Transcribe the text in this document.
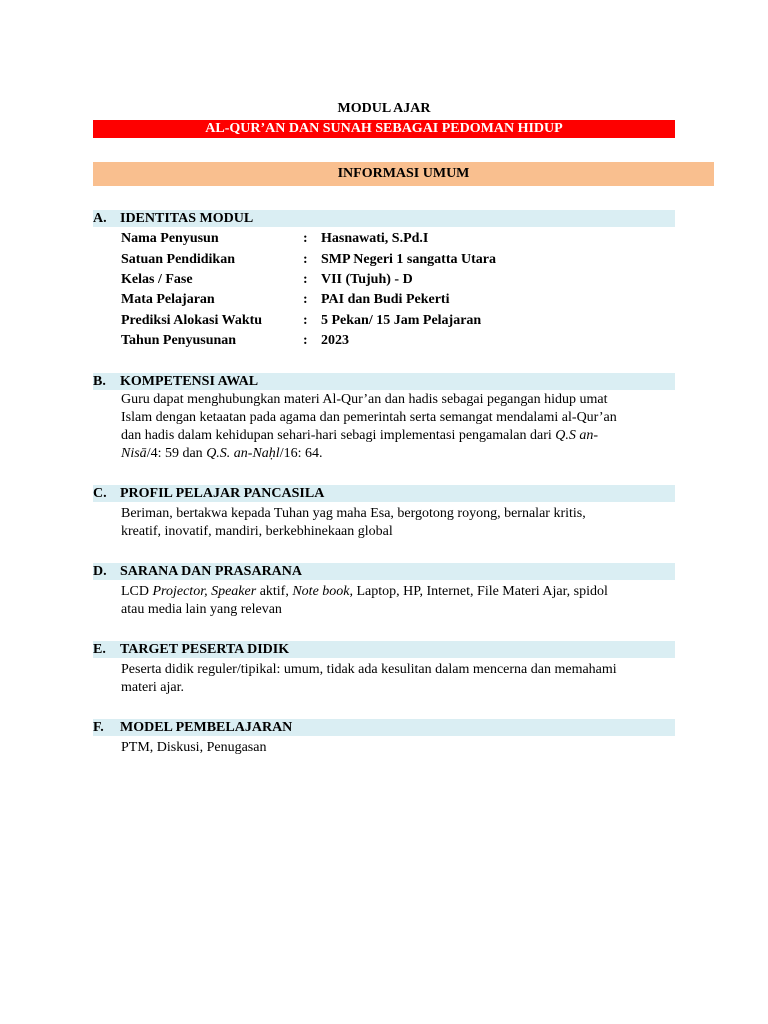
MODUL AJAR
AL-QUR’AN DAN SUNAH SEBAGAI PEDOMAN HIDUP
INFORMASI UMUM
A. IDENTITAS MODUL
Nama Penyusun	: Hasnawati, S.Pd.I
Satuan Pendidikan	: SMP Negeri 1 sangatta Utara
Kelas / Fase	: VII (Tujuh) - D
Mata Pelajaran	: PAI dan Budi Pekerti
Prediksi Alokasi Waktu	: 5 Pekan/ 15 Jam Pelajaran
Tahun Penyusunan	: 2023
B.	KOMPETENSI AWAL
Guru dapat menghubungkan materi Al-Qur’an dan hadis sebagai pegangan hidup umat
Islam dengan ketaatan pada agama dan pemerintah serta semangat mendalami al-Qur’an
dan hadis dalam kehidupan sehari-hari sebagi implementasi pengamalan dari Q.S an-
Nisā/4: 59 dan Q.S. an-Naḥl/16: 64.
C. PROFIL PELAJAR PANCASILA
Beriman, bertakwa kepada Tuhan yag maha Esa, bergotong royong, bernalar kritis,
kreatif, inovatif, mandiri, berkebhinekaan global
D. SARANA DAN PRASARANA
LCD Projector, Speaker aktif, Note book, Laptop, HP, Internet, File Materi Ajar, spidol
atau media lain yang relevan
E.	TARGET PESERTA DIDIK
Peserta didik reguler/tipikal: umum, tidak ada kesulitan dalam mencerna dan memahami
materi ajar.
F.	MODEL PEMBELAJARAN
PTM, Diskusi, Penugasan
